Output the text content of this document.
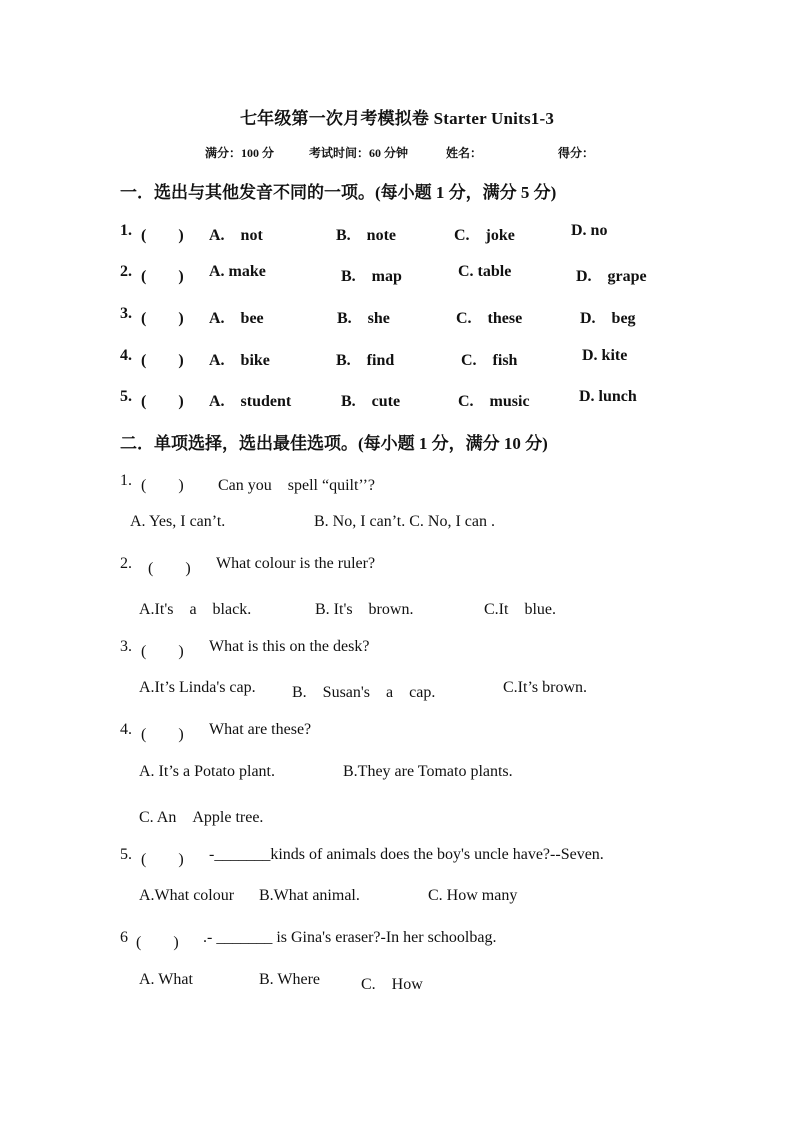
七年级第一次月考模拟卷 Starter Units1-3
满分：100 分	考试时间：60 分钟	姓名：	得分：
一．选出与其他发音不同的一项。(每小题 1 分，满分 5 分)
1. (　　) A.　not	B.　note	C.　joke	D. no
2. (　　) A. make	B.　map	C. table	D.　grape
3. (　　) A.　bee	B.　she	C.　these	D.　beg
4. (　　) A.　bike	B.　find	C.　fish	D. kite
5. (　　) A.　student	B.　cute	C.　music	D. lunch
二．单项选择，选出最佳选项。(每小题 1 分，满分 10 分)
1. (　　) Can you　spell “quilt’’?
A. Yes, I can’t.	B. No, I can’t. C. No, I can .
2. (　　) What colour is the ruler?
A.It's　a　black.	B. It's　brown.	C.It　blue.
3. (　　) What is this on the desk?
A.It’s Linda's cap. B.　Susan's　a　cap.	C.It’s brown.
4. (　　) What are these?
A. It’s a Potato plant.	B.They are Tomato plants.
C. An　Apple tree.
5. (　　) -_______kinds of animals does the boy's uncle have?--Seven.
A.What colour B.What animal.	C. How many
6 (　　) .- _______ is Gina's eraser?-In her schoolbag.
A. What	B. Where	C.　How
